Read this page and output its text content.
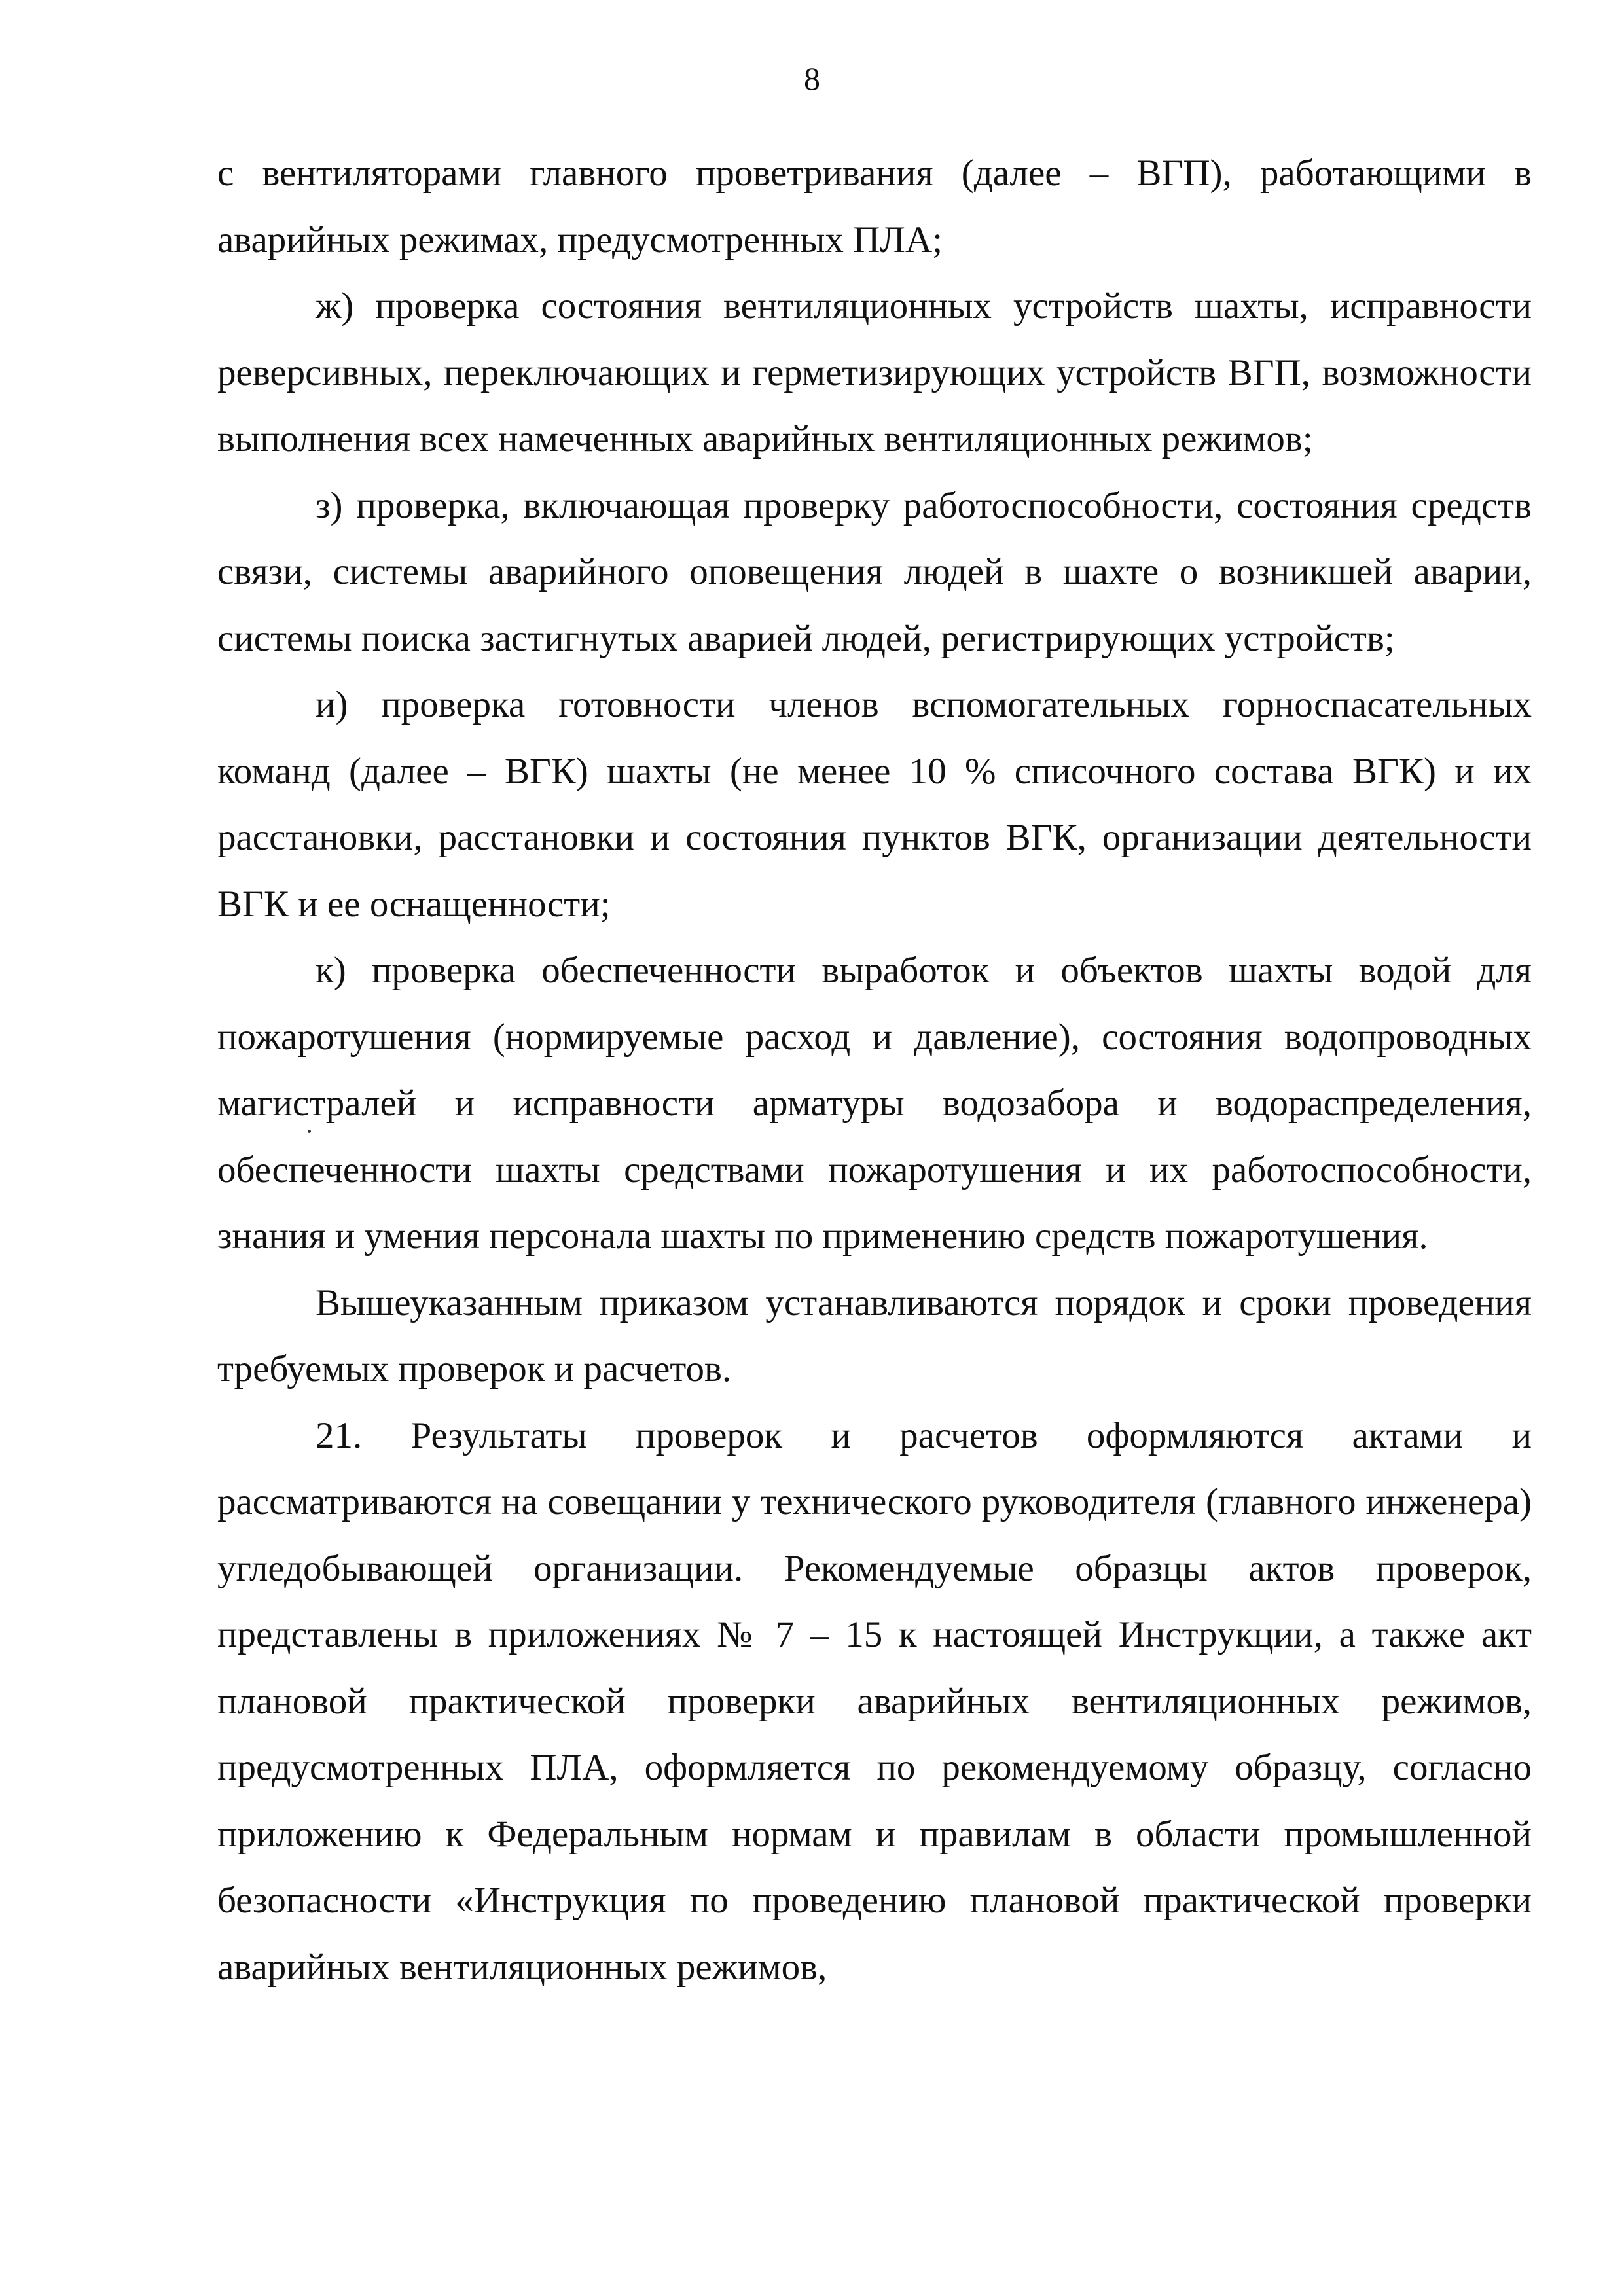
8

с вентиляторами главного проветривания (далее – ВГП), работающими в аварийных режимах, предусмотренных ПЛА;

ж) проверка состояния вентиляционных устройств шахты, исправности реверсивных, переключающих и герметизирующих устройств ВГП, возможности выполнения всех намеченных аварийных вентиляционных режимов;

з) проверка, включающая проверку работоспособности, состояния средств связи, системы аварийного оповещения людей в шахте о возникшей аварии, системы поиска застигнутых аварией людей, регистрирующих устройств;

и) проверка готовности членов вспомогательных горноспасательных команд (далее – ВГК) шахты (не менее 10 % списочного состава ВГК) и их расстановки, расстановки и состояния пунктов ВГК, организации деятельности ВГК и ее оснащенности;

к) проверка обеспеченности выработок и объектов шахты водой для пожаротушения (нормируемые расход и давление), состояния водопроводных магистралей и исправности арматуры водозабора и водораспределения, обеспеченности шахты средствами пожаротушения и их работоспособности, знания и умения персонала шахты по применению средств пожаротушения.

Вышеуказанным приказом устанавливаются порядок и сроки проведения требуемых проверок и расчетов.

21. Результаты проверок и расчетов оформляются актами и рассматриваются на совещании у технического руководителя (главного инженера) угледобывающей организации. Рекомендуемые образцы актов проверок, представлены в приложениях № 7 – 15 к настоящей Инструкции, а также акт плановой практической проверки аварийных вентиляционных режимов, предусмотренных ПЛА, оформляется по рекомендуемому образцу, согласно приложению к Федеральным нормам и правилам в области промышленной безопасности «Инструкция по проведению плановой практической проверки аварийных вентиляционных режимов,
